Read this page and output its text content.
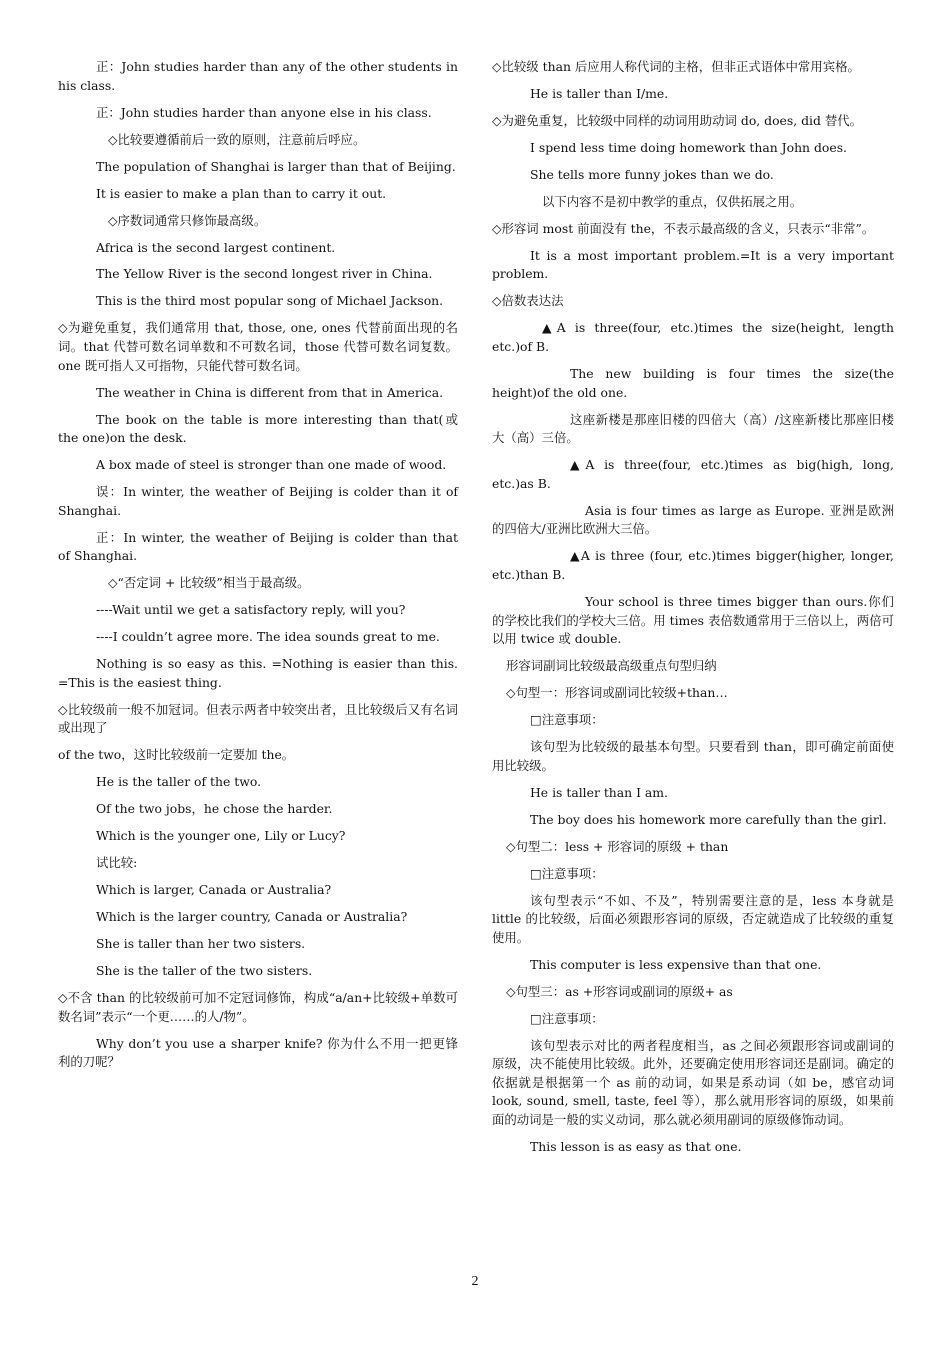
正：John studies harder than any of the other students in his class.

正：John studies harder than anyone else in his class.

◇比较要遵循前后一致的原则，注意前后呼应。

The population of Shanghai is larger than that of Beijing.

It is easier to make a plan than to carry it out.

◇序数词通常只修饰最高级。

Africa is the second largest continent.

The Yellow River is the second longest river in China.

This is the third most popular song of Michael Jackson.

◇为避免重复，我们通常用 that, those, one, ones 代替前面出现的名词。that 代替可数名词单数和不可数名词，those 代替可数名词复数。one 既可指人又可指物，只能代替可数名词。

The weather in China is different from that in America.

The book on the table is more interesting than that(或 the one)on the desk.

A box made of steel is stronger than one made of wood.

误：In winter, the weather of Beijing is colder than it of Shanghai.

正：In winter, the weather of Beijing is colder than that of Shanghai.

◇“否定词 + 比较级”相当于最高级。

----Wait until we get a satisfactory reply, will you?

----I couldn’t agree more. The idea sounds great to me.

Nothing is so easy as this. =Nothing is easier than this. =This is the easiest thing.

◇比较级前一般不加冠词。但表示两者中较突出者，且比较级后又有名词或出现了

of the two，这时比较级前一定要加 the。

He is the taller of the two.

Of the two jobs，he chose the harder.

Which is the younger one, Lily or Lucy?

试比较:

Which is larger, Canada or Australia?

Which is the larger country, Canada or Australia?

She is taller than her two sisters.

She is the taller of the two sisters.

◇不含 than 的比较级前可加不定冠词修饰，构成“a/an+比较级+单数可数名词”表示“一个更……的人/物”。

Why don’t you use a sharper knife? 你为什么不用一把更锋利的刀呢？

◇比较级 than 后应用人称代词的主格，但非正式语体中常用宾格。

He is taller than I/me.

◇为避免重复，比较级中同样的动词用助动词 do, does, did 替代。

I spend less time doing homework than John does.

She tells more funny jokes than we do.

以下内容不是初中教学的重点，仅供拓展之用。

◇形容词 most 前面没有 the，不表示最高级的含义，只表示“非常”。

It is a most important problem.=It is a very important problem.

◇倍数表达法

▲A is three(four, etc.)times the size(height, length etc.)of B.

The new building is four times the size(the height)of the old one.

这座新楼是那座旧楼的四倍大（高）/这座新楼比那座旧楼大（高）三倍。

▲A is three(four, etc.)times as big(high, long, etc.)as B.

Asia is four times as large as Europe. 亚洲是欧洲的四倍大/亚洲比欧洲大三倍。

▲A is three (four, etc.)times bigger(higher, longer, etc.)than B.

Your school is three times bigger than ours.你们的学校比我们的学校大三倍。用 times 表倍数通常用于三倍以上，两倍可以用 twice 或 double.

形容词副词比较级最高级重点句型归纳

◇句型一：形容词或副词比较级+than…

□注意事项：

该句型为比较级的最基本句型。只要看到 than，即可确定前面使用比较级。

He is taller than I am.

The boy does his homework more carefully than the girl.

◇句型二：less + 形容词的原级 + than

□注意事项：

该句型表示“不如、不及”，特别需要注意的是，less 本身就是 little 的比较级，后面必须跟形容词的原级，否定就造成了比较级的重复使用。

This computer is less expensive than that one.

◇句型三：as +形容词或副词的原级+ as

□注意事项：

该句型表示对比的两者程度相当，as 之间必须跟形容词或副词的原级，决不能使用比较级。此外，还要确定使用形容词还是副词。确定的依据就是根据第一个 as 前的动词，如果是系动词（如 be，感官动词 look, sound, smell, taste, feel 等），那么就用形容词的原级，如果前面的动词是一般的实义动词，那么就必须用副词的原级修饰动词。

This lesson is as easy as that one.

2
